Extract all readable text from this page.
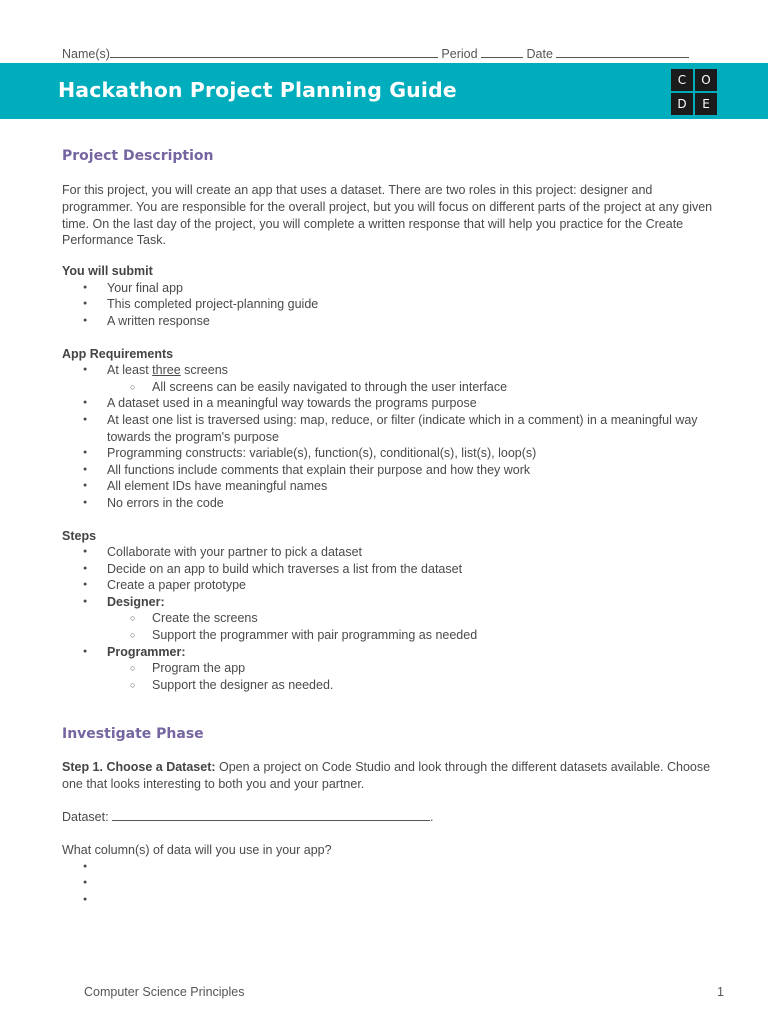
Name(s)	Period	Date
Hackathon Project Planning Guide	C	O
D	E
Project Description

For this project, you will create an app that uses a dataset. There are two roles in this project: designer and programmer. You are responsible for the overall project, but you will focus on different parts of the project at any given time. On the last day of the project, you will complete a written response that will help you practice for the Create Performance Task.

You will submit

● Your final app
● This completed project-planning guide
● A written response

App Requirements

● At least three screens
○ All screens can be easily navigated to through the user interface
● A dataset used in a meaningful way towards the programs purpose
● At least one list is traversed using: map, reduce, or filter (indicate which in a comment) in a meaningful way towards the program's purpose
● Programming constructs: variable(s), function(s), conditional(s), list(s), loop(s)
● All functions include comments that explain their purpose and how they work
● All element IDs have meaningful names
● No errors in the code

Steps

● Collaborate with your partner to pick a dataset
● Decide on an app to build which traverses a list from the dataset
● Create a paper prototype
● Designer:
○ Create the screens
○ Support the programmer with pair programming as needed
● Programmer:
○ Program the app
○ Support the designer as needed.
Investigate Phase

Step 1. Choose a Dataset: Open a project on Code Studio and look through the different datasets available. Choose one that looks interesting to both you and your partner.

Dataset:	.

What column(s) of data will you use in your app?

●
●
●
Computer Science Principles	1
